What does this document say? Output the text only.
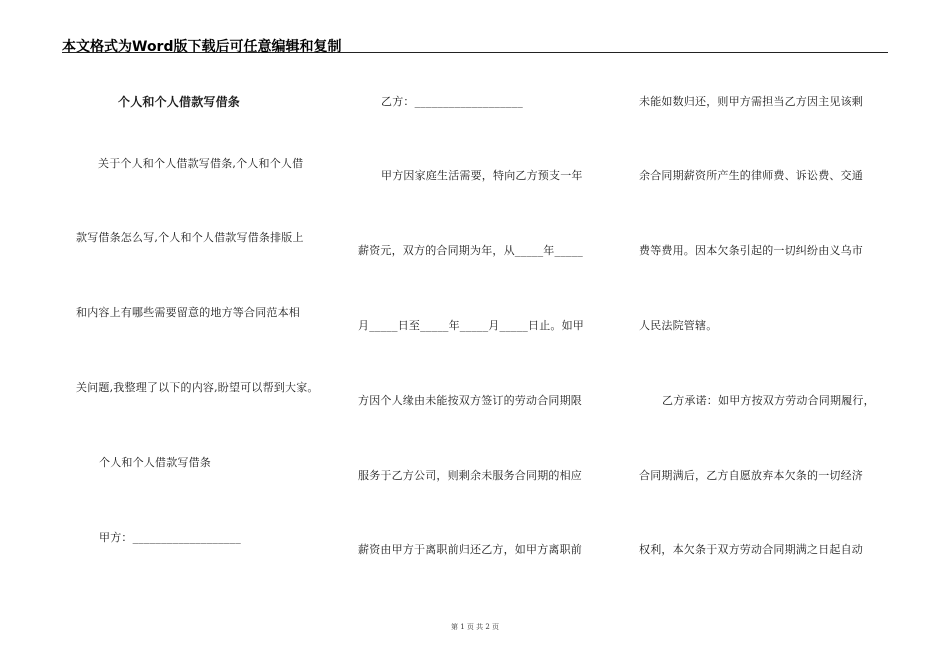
本文格式为Word版下载后可任意编辑和复制
个人和个人借款写借条
关于个人和个人借款写借条,个人和个人借
款写借条怎么写,个人和个人借款写借条排版上
和内容上有哪些需要留意的地方等合同范本相
关问题,我整理了以下的内容,盼望可以帮到大家。
个人和个人借款写借条
甲方：___________________
乙方：___________________
甲方因家庭生活需要，特向乙方预支一年
薪资元，双方的合同期为年，从_____年_____
月_____日至_____年_____月_____日止。如甲
方因个人缘由未能按双方签订的劳动合同期限
服务于乙方公司，则剩余未服务合同期的相应
薪资由甲方于离职前归还乙方，如甲方离职前
未能如数归还，则甲方需担当乙方因主见该剩
余合同期薪资所产生的律师费、诉讼费、交通
费等费用。因本欠条引起的一切纠纷由义乌市
人民法院管辖。
乙方承诺：如甲方按双方劳动合同期履行，
合同期满后，乙方自愿放弃本欠条的一切经济
权利，本欠条于双方劳动合同期满之日起自动
第 1 页 共 2 页
